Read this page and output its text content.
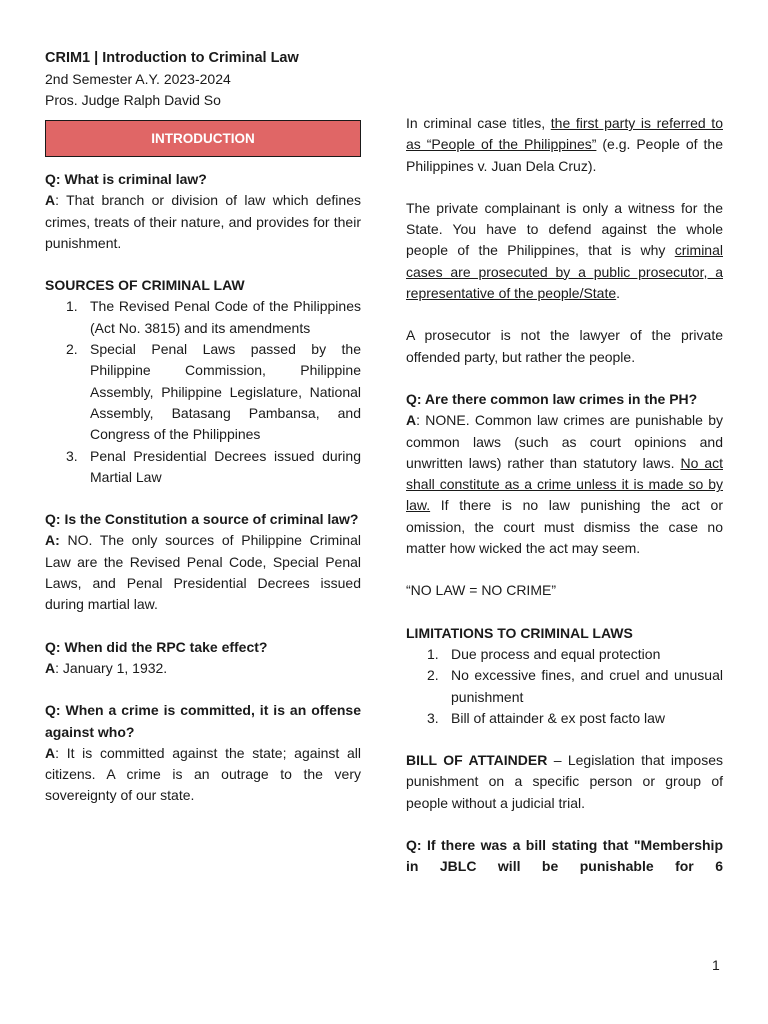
CRIM1 | Introduction to Criminal Law
2nd Semester A.Y. 2023-2024
Pros. Judge Ralph David So
INTRODUCTION

Q: What is criminal law?

A: That branch or division of law which defines crimes, treats of their nature, and provides for their punishment.

SOURCES OF CRIMINAL LAW

1. The Revised Penal Code of the Philippines (Act No. 3815) and its amendments
2. Special Penal Laws passed by the Philippine Commission, Philippine Assembly, Philippine Legislature, National Assembly, Batasang Pambansa, and Congress of the Philippines
3. Penal Presidential Decrees issued during Martial Law

Q: Is the Constitution a source of criminal law?

A: NO. The only sources of Philippine Criminal Law are the Revised Penal Code, Special Penal Laws, and Penal Presidential Decrees issued during martial law.

Q: When did the RPC take effect?

A: January 1, 1932.

Q: When a crime is committed, it is an offense against who?

A: It is committed against the state; against all citizens. A crime is an outrage to the very sovereignty of our state.

In criminal case titles, the first party is referred to as “People of the Philippines” (e.g. People of the Philippines v. Juan Dela Cruz).

The private complainant is only a witness for the State. You have to defend against the whole people of the Philippines, that is why criminal cases are prosecuted by a public prosecutor, a representative of the people/State.

A prosecutor is not the lawyer of the private offended party, but rather the people.

Q: Are there common law crimes in the PH?

A: NONE. Common law crimes are punishable by common laws (such as court opinions and unwritten laws) rather than statutory laws. No act shall constitute as a crime unless it is made so by law. If there is no law punishing the act or omission, the court must dismiss the case no matter how wicked the act may seem.

“NO LAW = NO CRIME”

LIMITATIONS TO CRIMINAL LAWS

1. Due process and equal protection
2. No excessive fines, and cruel and unusual punishment
3. Bill of attainder & ex post facto law

BILL OF ATTAINDER – Legislation that imposes punishment on a specific person or group of people without a judicial trial.

Q: If there was a bill stating that "Membership in JBLC will be punishable for 6

1
